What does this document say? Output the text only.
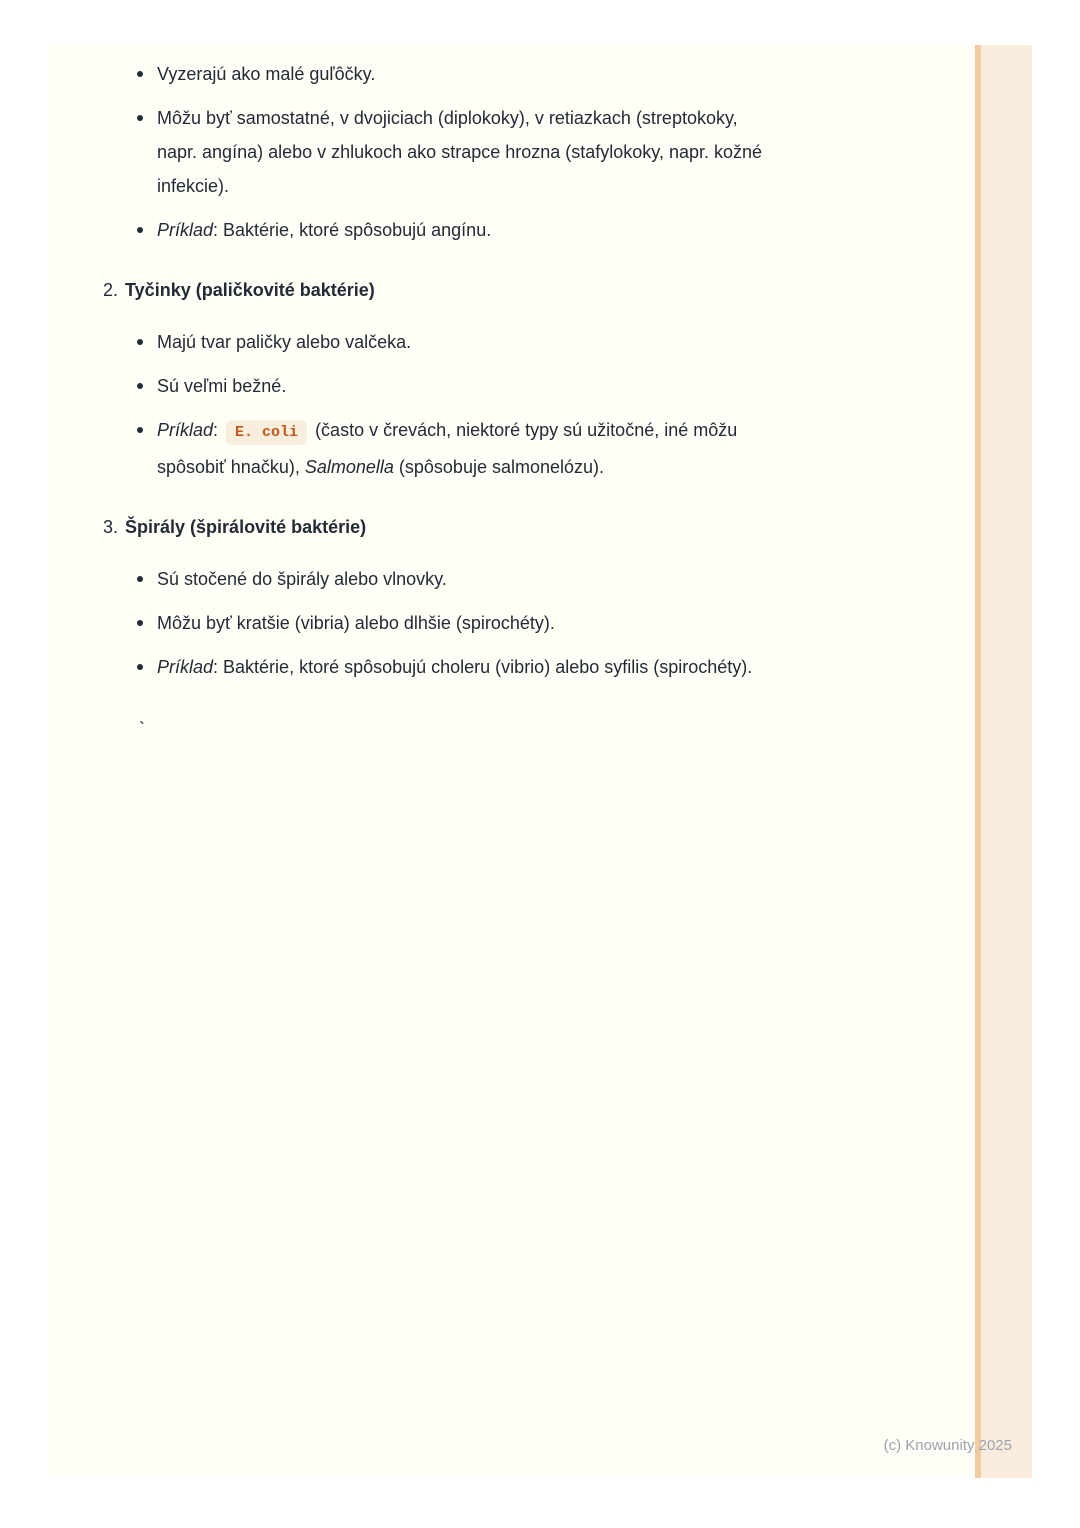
Vyzerajú ako malé guľôčky.
Môžu byť samostatné, v dvojiciach (diplokoky), v retiazkach (streptokoky, napr. angína) alebo v zhlukoch ako strapce hrozna (stafylokoky, napr. kožné infekcie).
Príklad: Baktérie, ktoré spôsobujú angínu.
2. Tyčinky (paličkovité baktérie)
Majú tvar paličky alebo valčeka.
Sú veľmi bežné.
Príklad: E. coli (často v črevách, niektoré typy sú užitočné, iné môžu spôsobiť hnačku), Salmonella (spôsobuje salmonelózu).
3. Špirály (špirálovité baktérie)
Sú stočené do špirály alebo vlnovky.
Môžu byť kratšie (vibria) alebo dlhšie (spirochéty).
Príklad: Baktérie, ktoré spôsobujú choleru (vibrio) alebo syfilis (spirochéty).
`
(c) Knowunity 2025
